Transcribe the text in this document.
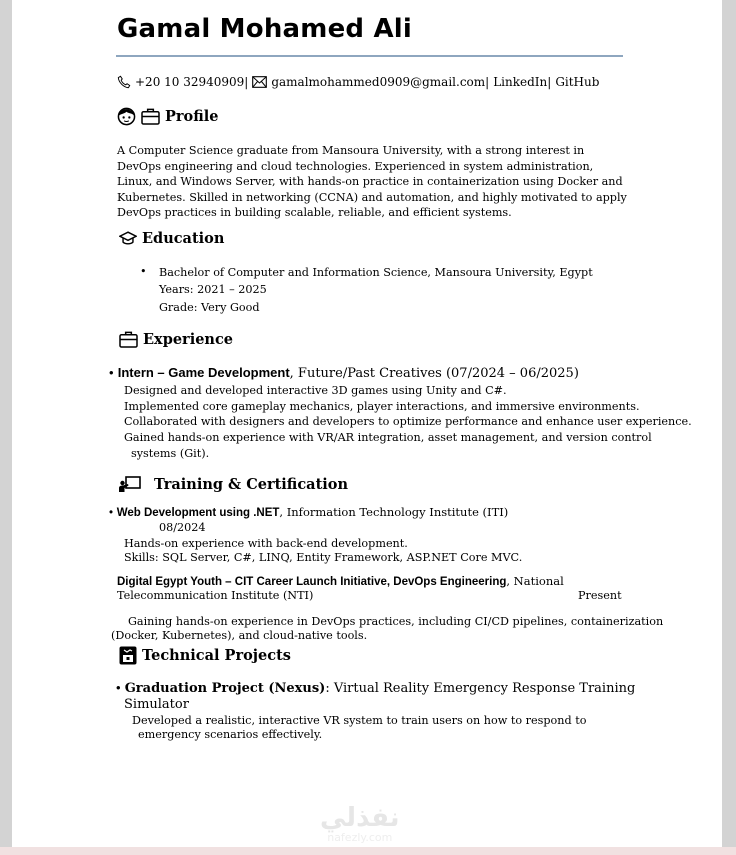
Gamal Mohamed Ali
+20 10 32940909| gamalmohammed0909@gmail.com| LinkedIn| GitHub
Profile
A Computer Science graduate from Mansoura University, with a strong interest in DevOps engineering and cloud technologies. Experienced in system administration, Linux, and Windows Server, with hands-on practice in containerization using Docker and Kubernetes. Skilled in networking (CCNA) and automation, and highly motivated to apply DevOps practices in building scalable, reliable, and efficient systems.
Education
• Bachelor of Computer and Information Science, Mansoura University, Egypt
Years: 2021 – 2025
Grade: Very Good
Experience
• Intern – Game Development, Future/Past Creatives (07/2024 – 06/2025)
Designed and developed interactive 3D games using Unity and C#.
Implemented core gameplay mechanics, player interactions, and immersive environments.
Collaborated with designers and developers to optimize performance and enhance user experience.
Gained hands-on experience with VR/AR integration, asset management, and version control
systems (Git).
Training & Certification
• Web Development using .NET, Information Technology Institute (ITI)
08/2024
Hands-on experience with back-end development.
Skills: SQL Server, C#, LINQ, Entity Framework, ASP.NET Core MVC.
Digital Egypt Youth – CIT Career Launch Initiative, DevOps Engineering, National
Telecommunication Institute (NTI)	Present
Gaining hands-on experience in DevOps practices, including CI/CD pipelines, containerization
(Docker, Kubernetes), and cloud-native tools.
Technical Projects
• Graduation Project (Nexus): Virtual Reality Emergency Response Training
Simulator
Developed a realistic, interactive VR system to train users on how to respond to
emergency scenarios effectively.
نفذلي
nafezly.com
